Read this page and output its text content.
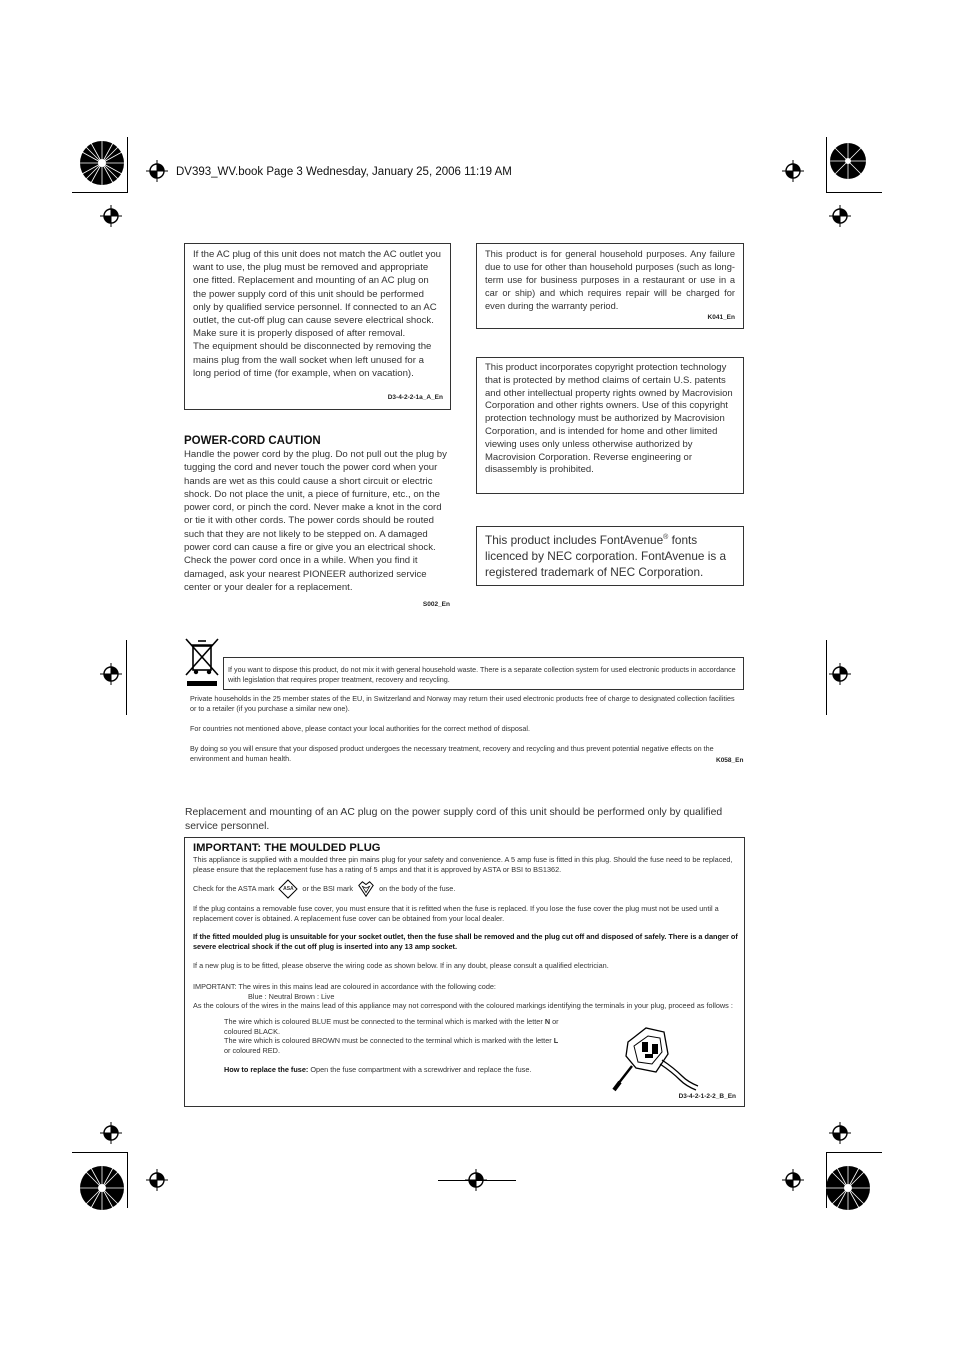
DV393_WV.book Page 3 Wednesday, January 25, 2006 11:19 AM

If the AC plug of this unit does not match the AC outlet you want to use, the plug must be removed and appropriate one fitted. Replacement and mounting of an AC plug on the power supply cord of this unit should be performed only by qualified service personnel. If connected to an AC outlet, the cut-off plug can cause severe electrical shock. Make sure it is properly disposed of after removal.

The equipment should be disconnected by removing the mains plug from the wall socket when left unused for a long period of time (for example, when on vacation).

D3-4-2-2-1a_A_En
POWER-CORD CAUTION

Handle the power cord by the plug. Do not pull out the plug by tugging the cord and never touch the power cord when your hands are wet as this could cause a short circuit or electric shock. Do not place the unit, a piece of furniture, etc., on the power cord, or pinch the cord. Never make a knot in the cord or tie it with other cords. The power cords should be routed such that they are not likely to be stepped on. A damaged power cord can cause a fire or give you an electrical shock. Check the power cord once in a while. When you find it damaged, ask your nearest PIONEER authorized service center or your dealer for a replacement.

S002_En

This product is for general household purposes. Any failure due to use for other than household purposes (such as long-term use for business purposes in a restaurant or use in a car or ship) and which requires repair will be charged for even during the warranty period.

K041_En

This product incorporates copyright protection technology that is protected by method claims of certain U.S. patents and other intellectual property rights owned by Macrovision Corporation and other rights owners. Use of this copyright protection technology must be authorized by Macrovision Corporation, and is intended for home and other limited viewing uses only unless otherwise authorized by Macrovision Corporation. Reverse engineering or disassembly is prohibited.

This product includes FontAvenue® fonts licenced by NEC corporation. FontAvenue is a registered trademark of NEC Corporation.

If you want to dispose this product, do not mix it with general household waste. There is a separate collection system for used electronic products in accordance with legislation that requires proper treatment, recovery and recycling.

Private households in the 25 member states of the EU, in Switzerland and Norway may return their used electronic products free of charge to designated collection facilities or to a retailer (if you purchase a similar new one).

For countries not mentioned above, please contact your local authorities for the correct method of disposal.

By doing so you will ensure that your disposed product undergoes the necessary treatment, recovery and recycling and thus prevent potential negative effects on the environment and human health.	K058_En

Replacement and mounting of an AC plug on the power supply cord of this unit should be performed only by qualified service personnel.

IMPORTANT: THE MOULDED PLUG

This appliance is supplied with a moulded three pin mains plug for your safety and convenience. A 5 amp fuse is fitted in this plug. Should the fuse need to be replaced, please ensure that the replacement fuse has a rating of 5 amps and that it is approved by ASTA or BSI to BS1362.

Check for the ASTA mark	ASA	or the BSI mark	on the body of the fuse.

If the plug contains a removable fuse cover, you must ensure that it is refitted when the fuse is replaced. If you lose the fuse cover the plug must not be used until a replacement cover is obtained. A replacement fuse cover can be obtained from your local dealer.

If the fitted moulded plug is unsuitable for your socket outlet, then the fuse shall be removed and the plug cut off and disposed of safely. There is a danger of severe electrical shock if the cut off plug is inserted into any 13 amp socket.

If a new plug is to be fitted, please observe the wiring code as shown below. If in any doubt, please consult a qualified electrician.

IMPORTANT: The wires in this mains lead are coloured in accordance with the following code:

Blue : Neutral Brown : Live

As the colours of the wires in the mains lead of this appliance may not correspond with the coloured markings identifying the terminals in your plug, proceed as follows :

The wire which is coloured BLUE must be connected to the terminal which is marked with the letter N or coloured BLACK.

The wire which is coloured BROWN must be connected to the terminal which is marked with the letter L or coloured RED.

How to replace the fuse: Open the fuse compartment with a screwdriver and replace the fuse.

D3-4-2-1-2-2_B_En
